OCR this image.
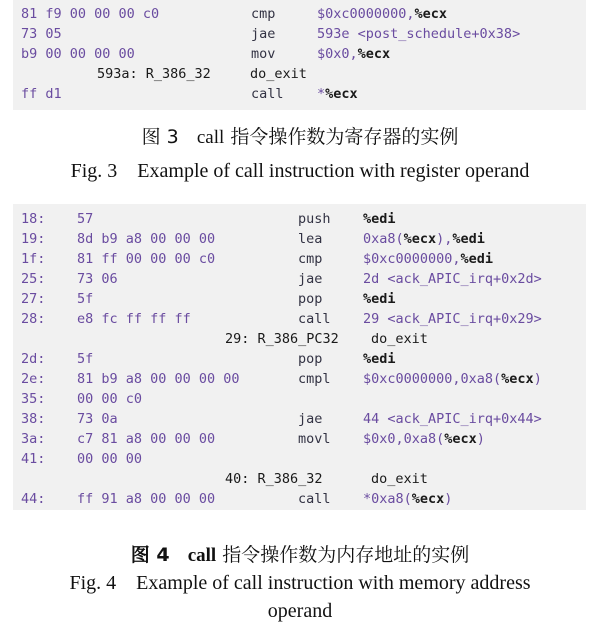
81 f9 00 00 00 c0	cmp	$0xc0000000,%ecx
73 05	jae	593e <post_schedule+0x38>
b9 00 00 00 00	mov	$0x0,%ecx
593a: R_386_32	do_exit
ff d1	call *%ecx
图 3 call 指令操作数为寄存器的实例
Fig. 3    Example of call instruction with register operand
18: 57	push %edi
19: 8d b9 a8 00 00 00	lea	0xa8(%ecx),%edi
1f: 81 ff 00 00 00 c0	cmp	$0xc0000000,%edi
25: 73 06	jae	2d <ack_APIC_irq+0x2d>
27: 5f	pop	%edi
28: e8 fc ff ff ff	call 29 <ack_APIC_irq+0x29>
29: R_386_PC32 do_exit
2d: 5f	pop	%edi
2e: 81 b9 a8 00 00 00 00	cmpl $0xc0000000,0xa8(%ecx)
35: 00 00 c0
38: 73 0a	jae	44 <ack_APIC_irq+0x44>
3a: c7 81 a8 00 00 00	movl $0x0,0xa8(%ecx)
41: 00 00 00
40: R_386_32	do_exit
44: ff 91 a8 00 00 00	call *0xa8(%ecx)
图 4 call 指令操作数为内存地址的实例
Fig. 4    Example of call instruction with memory address
operand
